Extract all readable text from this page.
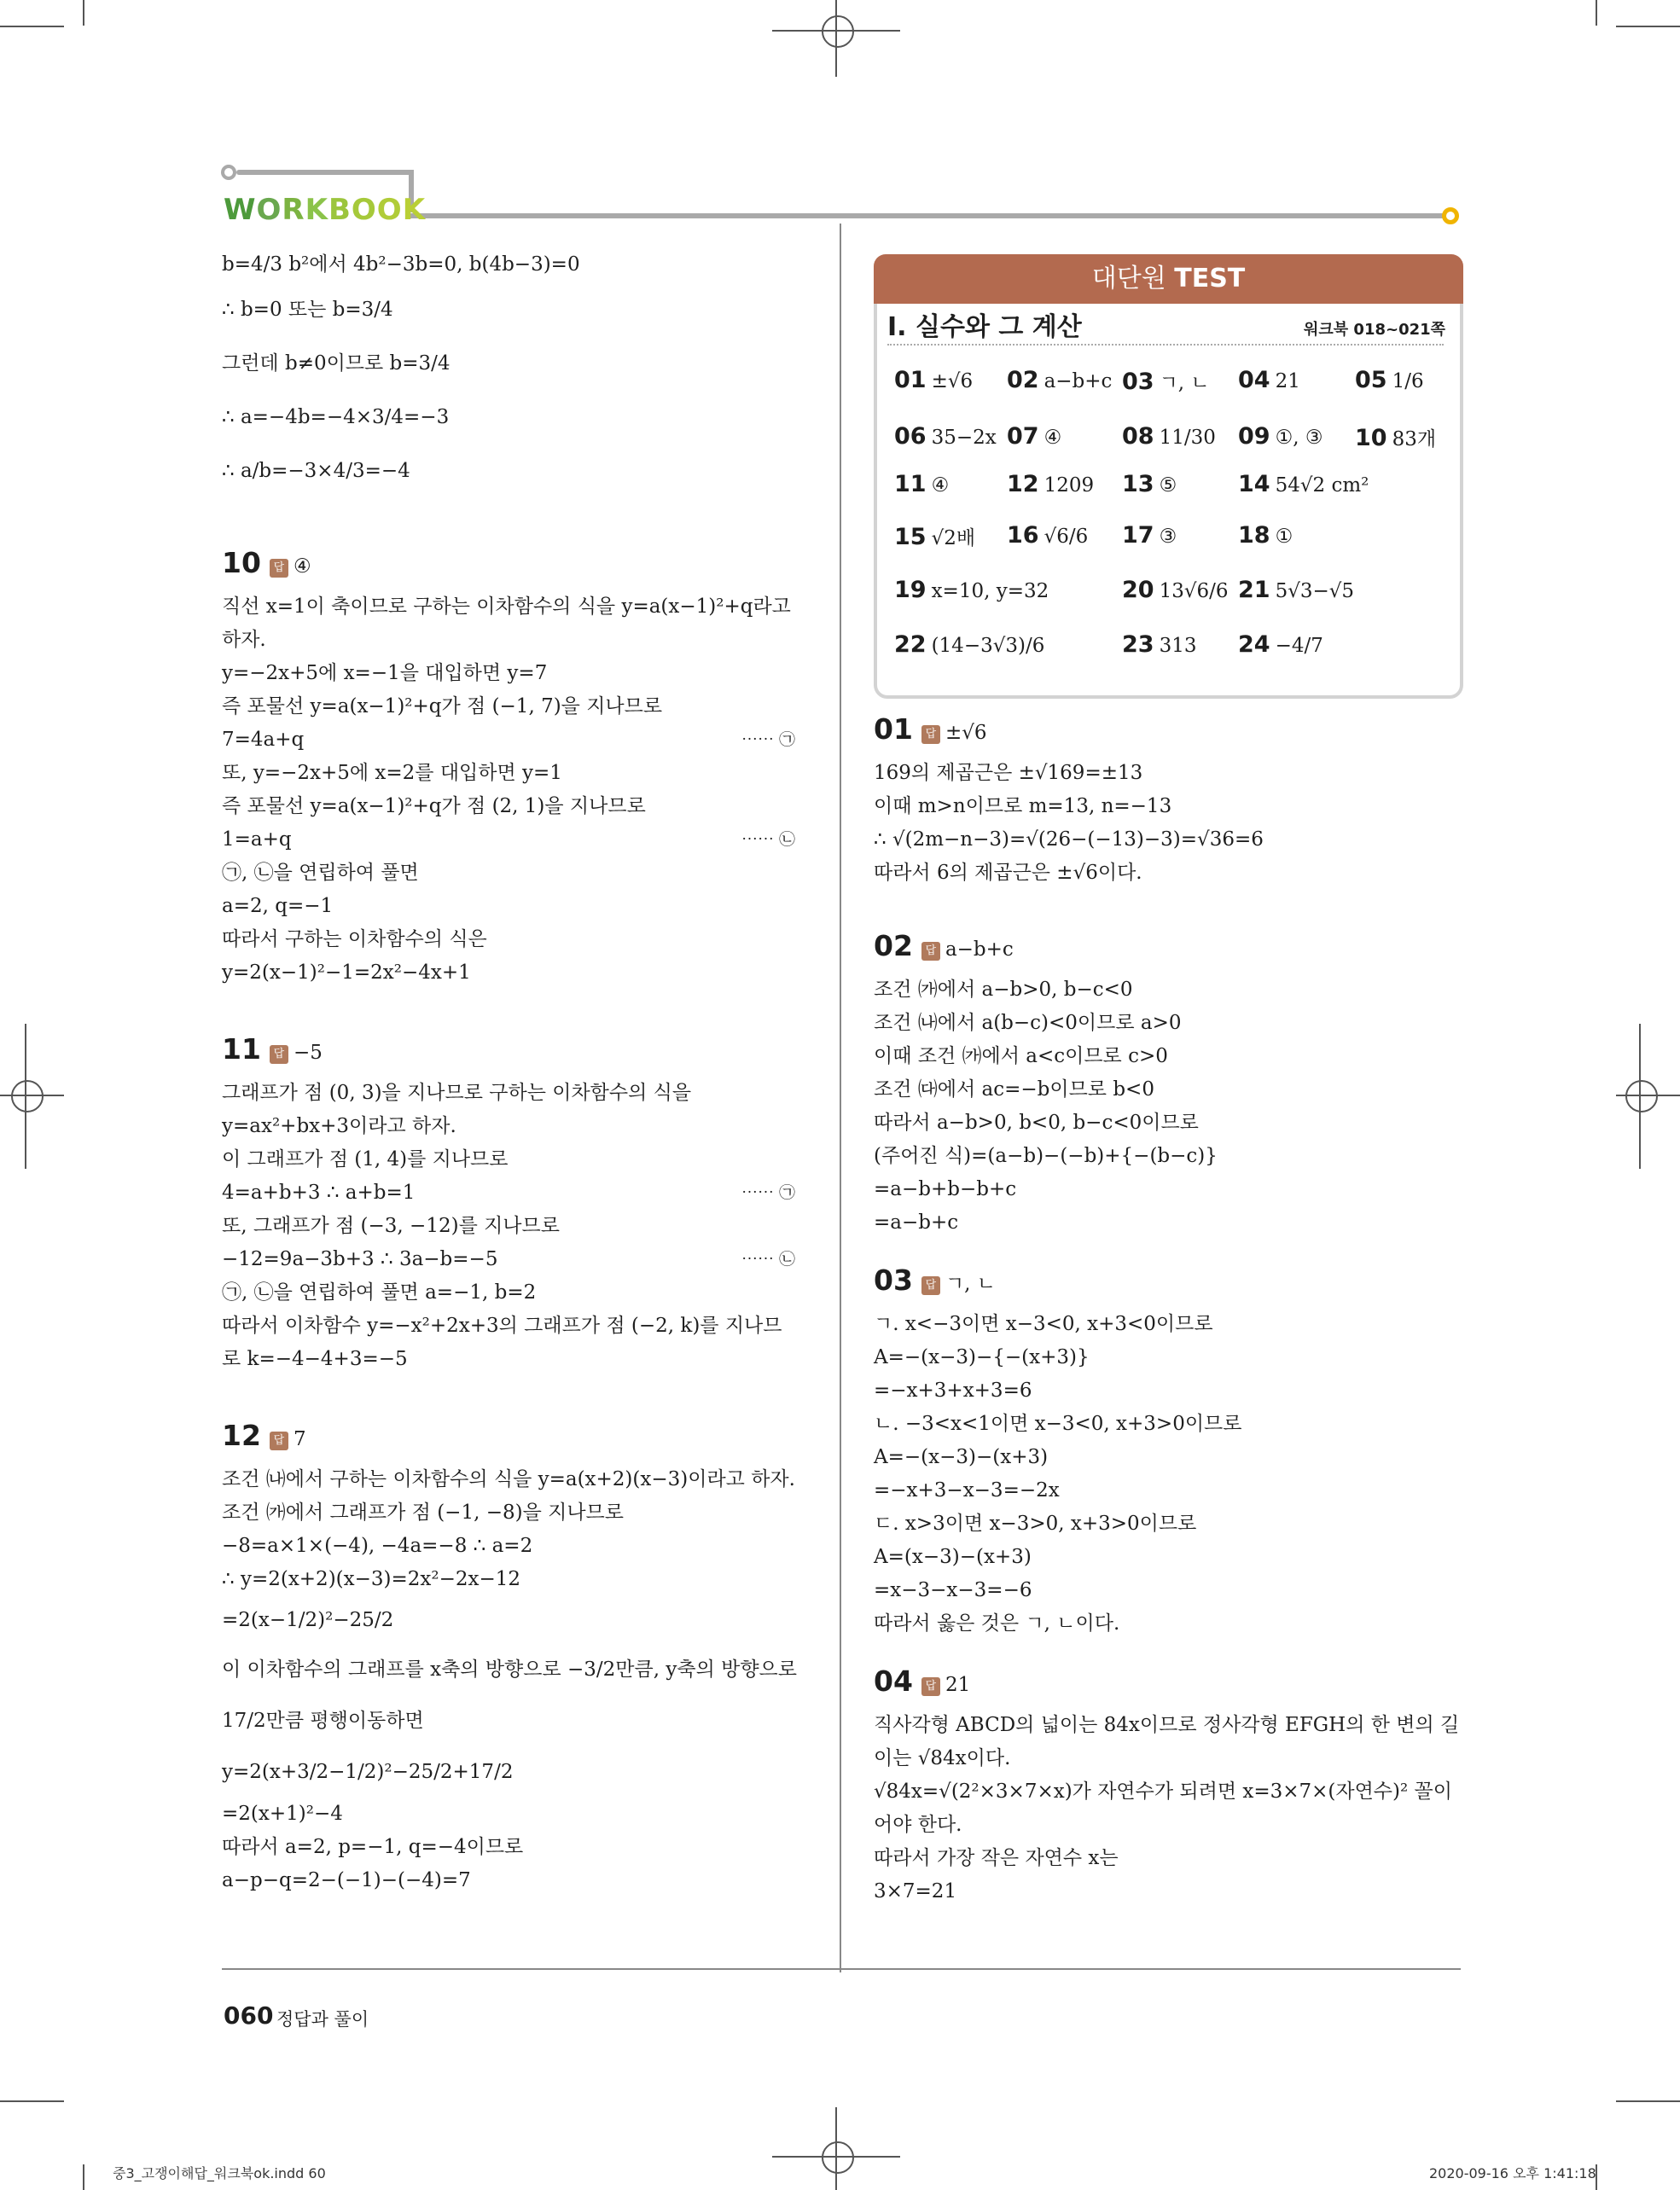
WORKBOOK

b=4/3 b²에서 4b²−3b=0, b(4b−3)=0

∴ b=0 또는 b=3/4

그런데 b≠0이므로 b=3/4

∴ a=−4b=−4×3/4=−3

∴ a/b=−3×4/3=−4

10 답 ④

직선 x=1이 축이므로 구하는 이차함수의 식을 y=a(x−1)²+q라고

하자.

y=−2x+5에 x=−1을 대입하면 y=7

즉 포물선 y=a(x−1)²+q가 점 (−1, 7)을 지나므로

7=4a+q	⋯⋯ ㉠

또, y=−2x+5에 x=2를 대입하면 y=1

즉 포물선 y=a(x−1)²+q가 점 (2, 1)을 지나므로

1=a+q	⋯⋯ ㉡

㉠, ㉡을 연립하여 풀면

a=2, q=−1

따라서 구하는 이차함수의 식은

y=2(x−1)²−1=2x²−4x+1

11 답 −5

그래프가 점 (0, 3)을 지나므로 구하는 이차함수의 식을

y=ax²+bx+3이라고 하자.

이 그래프가 점 (1, 4)를 지나므로

4=a+b+3 ∴ a+b=1	⋯⋯ ㉠

또, 그래프가 점 (−3, −12)를 지나므로

−12=9a−3b+3 ∴ 3a−b=−5	⋯⋯ ㉡

㉠, ㉡을 연립하여 풀면 a=−1, b=2

따라서 이차함수 y=−x²+2x+3의 그래프가 점 (−2, k)를 지나므

로 k=−4−4+3=−5

12 답 7

조건 ㈏에서 구하는 이차함수의 식을 y=a(x+2)(x−3)이라고 하자.

조건 ㈎에서 그래프가 점 (−1, −8)을 지나므로

−8=a×1×(−4), −4a=−8 ∴ a=2

∴ y=2(x+2)(x−3)=2x²−2x−12

=2(x−1/2)²−25/2

이 이차함수의 그래프를 x축의 방향으로 −3/2만큼, y축의 방향으로

17/2만큼 평행이동하면

y=2(x+3/2−1/2)²−25/2+17/2

=2(x+1)²−4

따라서 a=2, p=−1, q=−4이므로

a−p−q=2−(−1)−(−4)=7

대단원 TEST
Ⅰ. 실수와 그 계산	워크북 018~021쪽
01 ±√6 02 a−b+c 03 ㄱ, ㄴ 04 21 05 1/6
06 35−2x 07 ④	08 11/30 09 ①, ③ 10 83개
11 ④	12 1209 13 ⑤	14 54√2 cm²
15 √2배 16 √6/6 17 ③	18 ①
19 x=10, y=32	20 13√6/6 21 5√3−√5
22 (14−3√3)/6	23 313 24 −4/7

01 답 ±√6

169의 제곱근은 ±√169=±13

이때 m>n이므로 m=13, n=−13

∴ √(2m−n−3)=√(26−(−13)−3)=√36=6

따라서 6의 제곱근은 ±√6이다.

02 답 a−b+c

조건 ㈎에서 a−b>0, b−c<0

조건 ㈏에서 a(b−c)<0이므로 a>0

이때 조건 ㈎에서 a<c이므로 c>0

조건 ㈐에서 ac=−b이므로 b<0

따라서 a−b>0, b<0, b−c<0이므로

(주어진 식)=(a−b)−(−b)+{−(b−c)}

=a−b+b−b+c

=a−b+c

03 답 ㄱ, ㄴ

ㄱ. x<−3이면 x−3<0, x+3<0이므로

A=−(x−3)−{−(x+3)}

=−x+3+x+3=6

ㄴ. −3<x<1이면 x−3<0, x+3>0이므로

A=−(x−3)−(x+3)

=−x+3−x−3=−2x

ㄷ. x>3이면 x−3>0, x+3>0이므로

A=(x−3)−(x+3)

=x−3−x−3=−6

따라서 옳은 것은 ㄱ, ㄴ이다.

04 답 21

직사각형 ABCD의 넓이는 84x이므로 정사각형 EFGH의 한 변의 길

이는 √84x이다.

√84x=√(2²×3×7×x)가 자연수가 되려면 x=3×7×(자연수)² 꼴이

어야 한다.

따라서 가장 작은 자연수 x는

3×7=21

060 정답과 풀이
중3_고쟁이해답_워크북ok.indd 60	2020-09-16 오후 1:41:18
